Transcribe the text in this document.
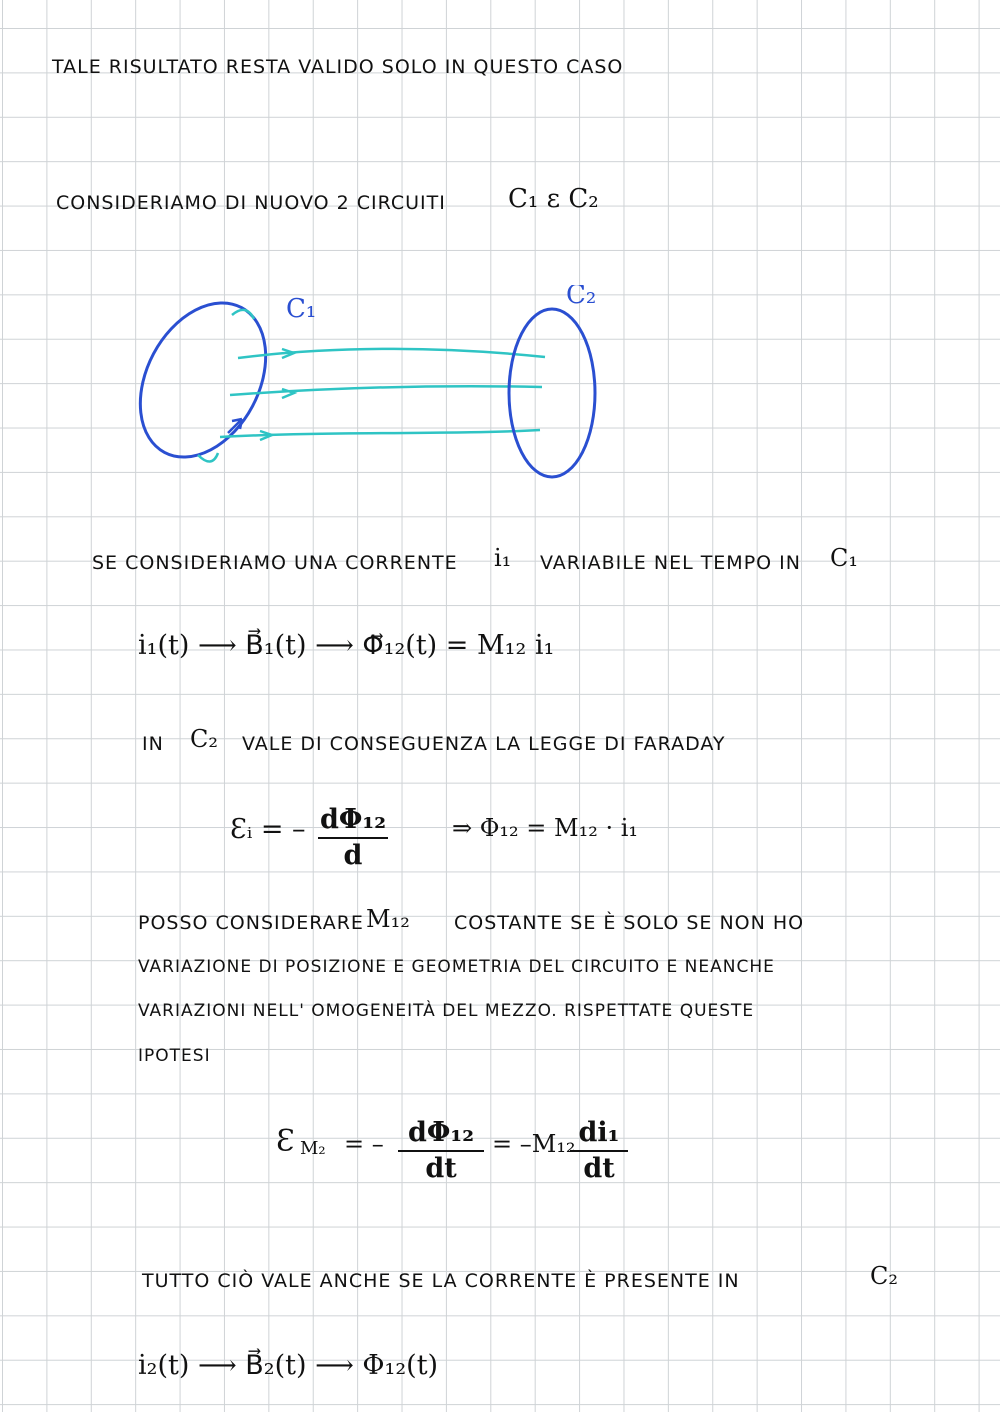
TALE RISULTATO RESTA VALIDO SOLO IN QUESTO CASO
CONSIDERIAMO DI NUOVO 2 CIRCUITI C₁ ε C₂
C₁	C₂
SE CONSIDERIAMO UNA CORRENTE i₁ VARIABILE NEL TEMPO IN C₁
i₁(t) ⟶ B⃗₁(t) ⟶ Φ⃗₁₂(t) = M₁₂ i₁
IN C₂ VALE DI CONSEGUENZA LA LEGGE DI FARADAY
Ɛᵢ = – dΦ₁₂
d
⇒ Φ₁₂ = M₁₂ · i₁
POSSO CONSIDERARE M₁₂ COSTANTE SE È SOLO SE NON HO
VARIAZIONE DI POSIZIONE E GEOMETRIA DEL CIRCUITO E NEANCHE
VARIAZIONI NELL' OMOGENEITÀ DEL MEZZO. RISPETTATE QUESTE
IPOTESI
Ɛ M₂ = – dΦ₁₂
dt
= –M₁₂ di₁
dt
TUTTO CIÒ VALE ANCHE SE LA CORRENTE È PRESENTE IN	C₂
i₂(t) ⟶ B⃗₂(t) ⟶ Φ₁₂(t)
